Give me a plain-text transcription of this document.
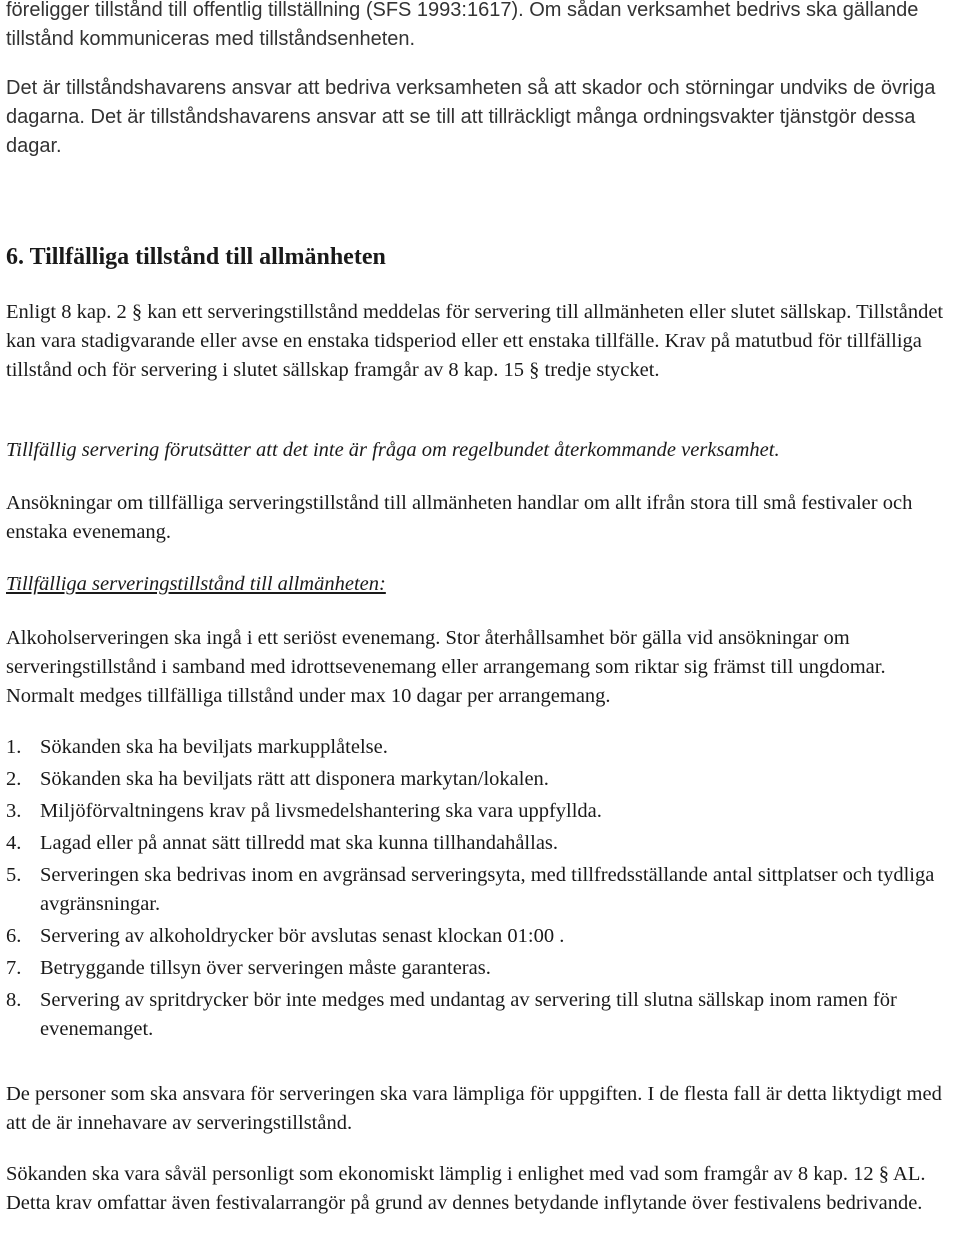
föreligger tillstånd till offentlig tillställning (SFS 1993:1617). Om sådan verksamhet bedrivs ska gällande tillstånd kommuniceras med tillståndsenheten.

Det är tillståndshavarens ansvar att bedriva verksamheten så att skador och störningar undviks de övriga dagarna. Det är tillståndshavarens ansvar att se till att tillräckligt många ordningsvakter tjänstgör dessa dagar.

6. Tillfälliga tillstånd till allmänheten

Enligt 8 kap. 2 § kan ett serveringstillstånd meddelas för servering till allmänheten eller slutet sällskap. Tillståndet kan vara stadigvarande eller avse en enstaka tidsperiod eller ett enstaka tillfälle. Krav på matutbud för tillfälliga tillstånd och för servering i slutet sällskap framgår av 8 kap. 15 § tredje stycket.

Tillfällig servering förutsätter att det inte är fråga om regelbundet återkommande verksamhet.

Ansökningar om tillfälliga serveringstillstånd till allmänheten handlar om allt ifrån stora till små festivaler och enstaka evenemang.

Tillfälliga serveringstillstånd till allmänheten:

Alkoholserveringen ska ingå i ett seriöst evenemang. Stor återhållsamhet bör gälla vid ansökningar om serveringstillstånd i samband med idrottsevenemang eller arrangemang som riktar sig främst till ungdomar. Normalt medges tillfälliga tillstånd under max 10 dagar per arrangemang.

1. Sökanden ska ha beviljats markupplåtelse.
2. Sökanden ska ha beviljats rätt att disponera markytan/lokalen.
3. Miljöförvaltningens krav på livsmedelshantering ska vara uppfyllda.
4. Lagad eller på annat sätt tillredd mat ska kunna tillhandahållas.
5. Serveringen ska bedrivas inom en avgränsad serveringsyta, med tillfredsställande antal sittplatser och tydliga avgränsningar.
6. Servering av alkoholdrycker bör avslutas senast klockan 01:00 .
7. Betryggande tillsyn över serveringen måste garanteras.
8. Servering av spritdrycker bör inte medges med undantag av servering till slutna sällskap inom ramen för evenemanget.

De personer som ska ansvara för serveringen ska vara lämpliga för uppgiften. I de flesta fall är detta liktydigt med att de är innehavare av serveringstillstånd.

Sökanden ska vara såväl personligt som ekonomiskt lämplig i enlighet med vad som framgår av 8 kap. 12 § AL. Detta krav omfattar även festivalarrangör på grund av dennes betydande inflytande över festivalens bedrivande.
